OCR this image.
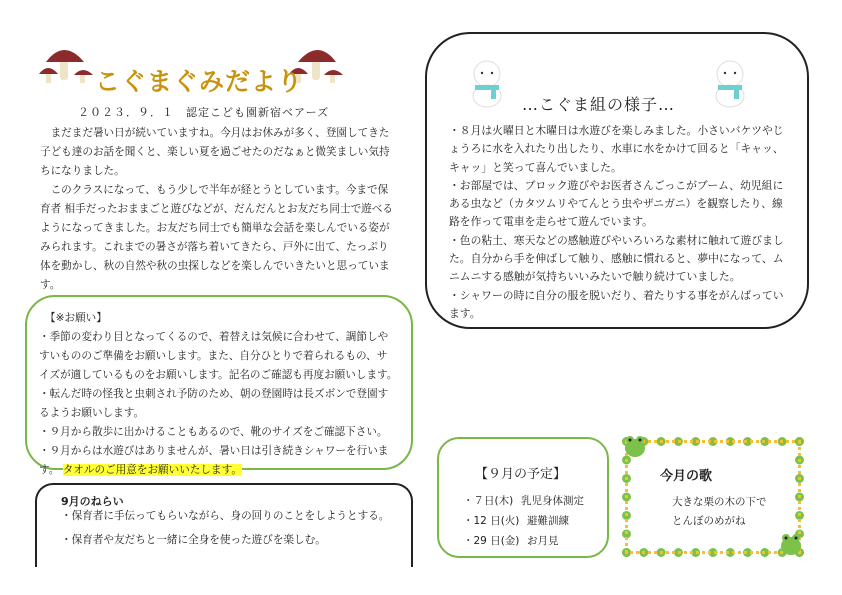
こぐまぐみだより
２０２３．９．１　認定こども園新宿ベアーズ
　まだまだ暑い日が続いていますね。今月はお休みが多く、登園してきた
子ども達のお話を聞くと、楽しい夏を過ごせたのだなぁと微笑ましい気持
ちになりました。
　このクラスになって、もう少しで半年が経とうとしています。今まで保
育者 相手だったおままごと遊びなどが、だんだんとお友だち同士で遊べる
ようになってきました。お友だち同士でも簡単な会話を楽しんでいる姿が
みられます。これまでの暑さが落ち着いてきたら、戸外に出て、たっぷり
体を動かし、秋の自然や秋の虫探しなどを楽しんでいきたいと思っていま
す。
【※お願い】
・季節の変わり目となってくるので、着替えは気候に合わせて、調節しや
すいもののご準備をお願いします。また、自分ひとりで着られるもの、サ
イズが適しているものをお願いします。記名のご確認も再度お願いします。
・転んだ時の怪我と虫刺され予防のため、朝の登園時は長ズボンで登園す
るようお願いします。
・９月から散歩に出かけることもあるので、靴のサイズをご確認下さい。
・９月からは水遊びはありませんが、暑い日は引き続きシャワーを行いま
す。 タオルのご用意をお願いいたします。
9月のねらい
・保育者に手伝ってもらいながら、身の回りのことをしようとする。
・保育者や友だちと一緒に全身を使った遊びを楽しむ。
…こぐま組の様子…
・８月は火曜日と木曜日は水遊びを楽しみました。小さいバケツやじ
ょうろに水を入れたり出したり、水車に水をかけて回ると「キャッ、
キャッ」と笑って喜んでいました。
・お部屋では、ブロック遊びやお医者さんごっこがブーム、幼児組に
ある虫など（カタツムリやてんとう虫やザニガニ）を観察したり、線
路を作って電車を走らせて遊んでいます。
・色の粘土、寒天などの感触遊びやいろいろな素材に触れて遊びまし
た。自分から手を伸ばして触り、感触に慣れると、夢中になって、ム
ニムニする感触が気持ちいいみたいで触り続けていました。
・シャワーの時に自分の服を脱いだり、着たりする事をがんばってい
ます。
【９月の予定】
・７日(木) 乳児身体測定
・12 日(火) 避難訓練
・29 日(金) お月見
今月の歌
大きな栗の木の下で
とんぼのめがね
